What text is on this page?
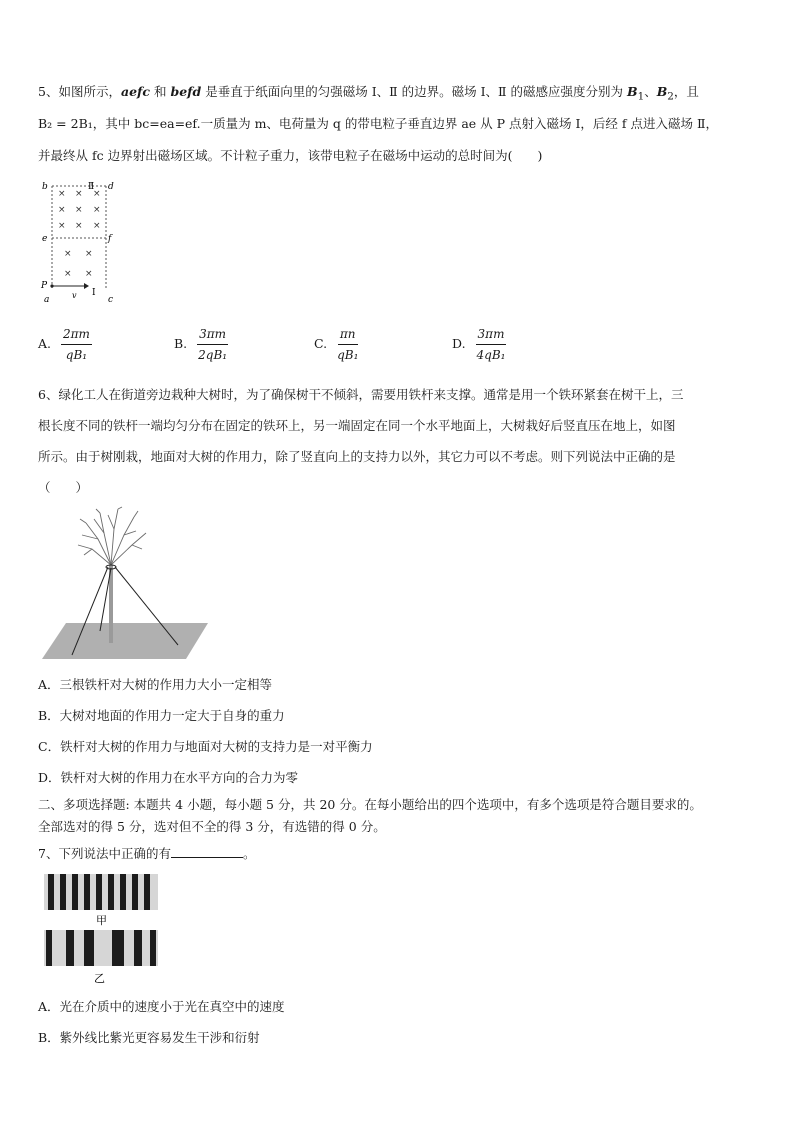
5、如图所示，aefc 和 befd 是垂直于纸面向里的匀强磁场 Ⅰ、Ⅱ 的边界。磁场 Ⅰ、Ⅱ 的磁感应强度分别为 $B_1$、$B_2$，且
B₂ = 2B₁，其中 bc=ea=ef.一质量为 m、电荷量为 q 的带电粒子垂直边界 ae 从 P 点射入磁场 Ⅰ，后经 f 点进入磁场 Ⅱ，
并最终从 fc 边界射出磁场区域。不计粒子重力，该带电粒子在磁场中运动的总时间为(　　)
b	d
Ⅱ
e	f
P
a	c
v Ⅰ
× × ×
× × ×
× × ×
× ×
× ×
A. $\frac{2\pi m}{\text{qB₁}}$	B. $\frac{3\pi m}{\text{2qB₁}}$	C. $\frac{\pi n}{\text{qB₁}}$	D. $\frac{3\pi m}{\text{4qB₁}}$
6、绿化工人在街道旁边栽种大树时，为了确保树干不倾斜，需要用铁杆来支撑。通常是用一个铁环紧套在树干上，三
根长度不同的铁杆一端均匀分布在固定的铁环上，另一端固定在同一个水平地面上，大树栽好后竖直压在地上，如图
所示。由于树刚栽，地面对大树的作用力，除了竖直向上的支持力以外，其它力可以不考虑。则下列说法中正确的是
（　　）
A．三根铁杆对大树的作用力大小一定相等
B．大树对地面的作用力一定大于自身的重力
C．铁杆对大树的作用力与地面对大树的支持力是一对平衡力
D．铁杆对大树的作用力在水平方向的合力为零
二、多项选择题: 本题共 4 小题，每小题 5 分，共 20 分。在每小题给出的四个选项中，有多个选项是符合题目要求的。
全部选对的得 5 分，选对但不全的得 3 分，有选错的得 0 分。
7、下列说法中正确的有	。
甲
乙
A．光在介质中的速度小于光在真空中的速度
B．紫外线比紫光更容易发生干涉和衍射
